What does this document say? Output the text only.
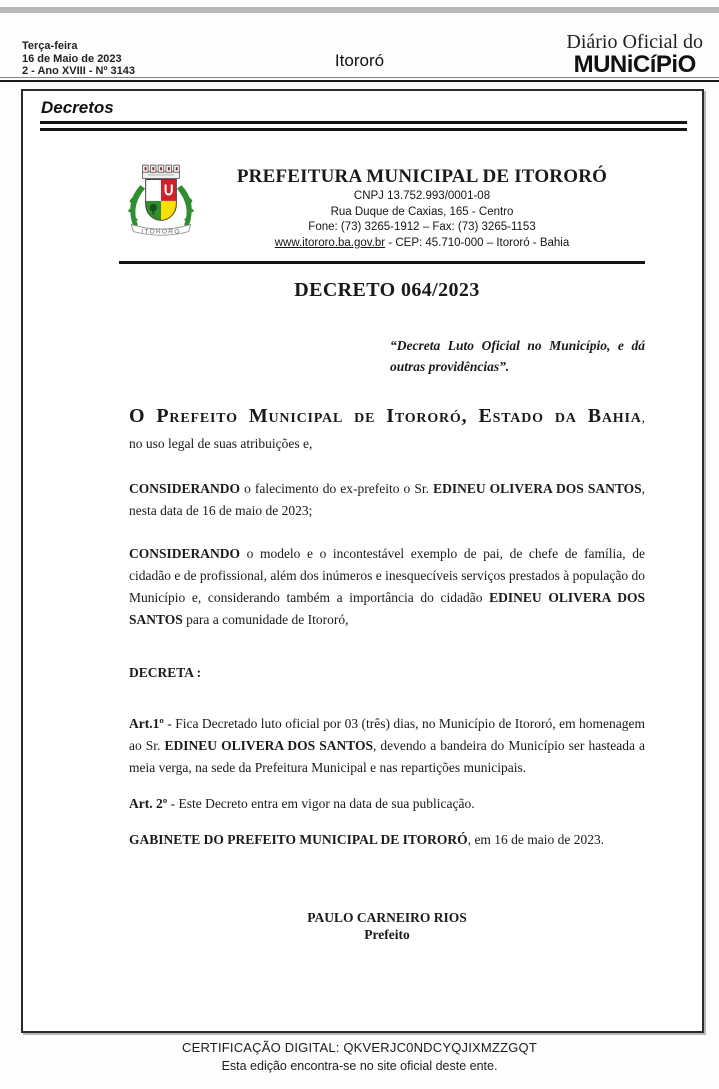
Terça-feira
16 de Maio de 2023
2 - Ano XVIII - Nº 3143
Itororó
Diário Oficial do
MUNiCíPiO
Decretos
ITORORÓ
PREFEITURA MUNICIPAL DE ITORORÓ
CNPJ 13.752.993/0001-08
Rua Duque de Caxias, 165 - Centro
Fone: (73) 3265-1912 – Fax: (73) 3265-1153
www.itororo.ba.gov.br - CEP: 45.710-000 – Itororó - Bahia
DECRETO 064/2023
“Decreta Luto Oficial no Município, e dá outras providências”.
O Prefeito Municipal de Itororó, Estado da Bahia, no uso legal de suas atribuições e,
CONSIDERANDO o falecimento do ex-prefeito o Sr. EDINEU OLIVERA DOS SANTOS, nesta data de 16 de maio de 2023;
CONSIDERANDO o modelo e o incontestável exemplo de pai, de chefe de família, de cidadão e de profissional, além dos inúmeros e inesquecíveis serviços prestados à população do Município e, considerando também a importância do cidadão EDINEU OLIVERA DOS SANTOS para a comunidade de Itororó,
DECRETA :
Art.1º - Fica Decretado luto oficial por 03 (três) dias, no Município de Itororó, em homenagem ao Sr. EDINEU OLIVERA DOS SANTOS, devendo a bandeira do Município ser hasteada a meia verga, na sede da Prefeitura Municipal e nas repartições municipais.
Art. 2º - Este Decreto entra em vigor na data de sua publicação.
GABINETE DO PREFEITO MUNICIPAL DE ITORORÓ, em 16 de maio de 2023.
PAULO CARNEIRO RIOS
Prefeito
CERTIFICAÇÃO DIGITAL: QKVERJC0NDCYQJIXMZZGQT
Esta edição encontra-se no site oficial deste ente.
